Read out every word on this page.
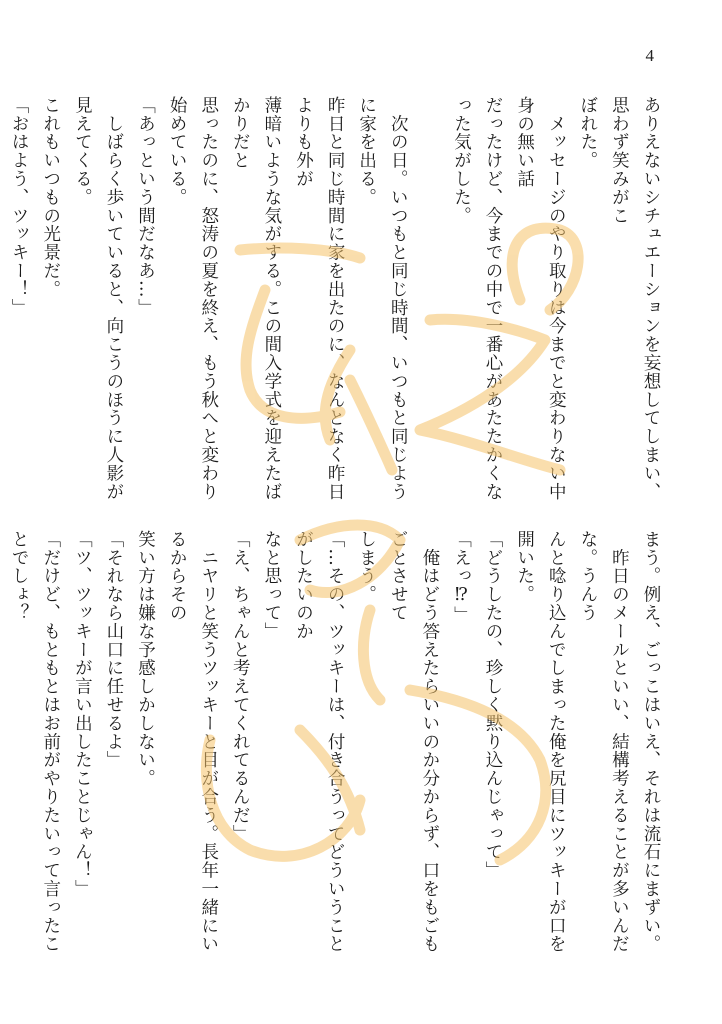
4
ありえないシチュエーションを妄想してしまい、思わず笑みがこ
ぼれた。
　メッセージのやり取りは今までと変わりない中身の無い話
だったけど、今までの中で一番心があたたかくなった気がした。

　次の日。いつもと同じ時間、いつもと同じように家を出る。
昨日と同じ時間に家を出たのに、なんとなく昨日よりも外が
薄暗いような気がする。この間入学式を迎えたばかりだと
思ったのに、怒涛の夏を終え、もう秋へと変わり始めている。
「あっという間だなあ…」
　しばらく歩いていると、向こうのほうに人影が見えてくる。
これもいつもの光景だ。
「おはよう、ツッキー！」
まう。例え、ごっこはいえ、それは流石にまずい。
　昨日のメールといい、結構考えることが多いんだな。うんう
んと唸り込んでしまった俺を尻目にツッキーが口を開いた。
「どうしたの、珍しく黙り込んじゃって」
「えっ⁉」
　俺はどう答えたらいいのか分からず、口をもごもごとさせて
しまう。
「…その、ツッキーは、付き合うってどういうことがしたいのか
なと思って」
「え、ちゃんと考えてくれてるんだ」
　ニヤリと笑うツッキーと目が合う。長年一緒にいるからその
笑い方は嫌な予感しかしない。
「それなら山口に任せるよ」
「ツ、ツッキーが言い出したことじゃん！」
「だけど、もともとはお前がやりたいって言ったことでしょ？
